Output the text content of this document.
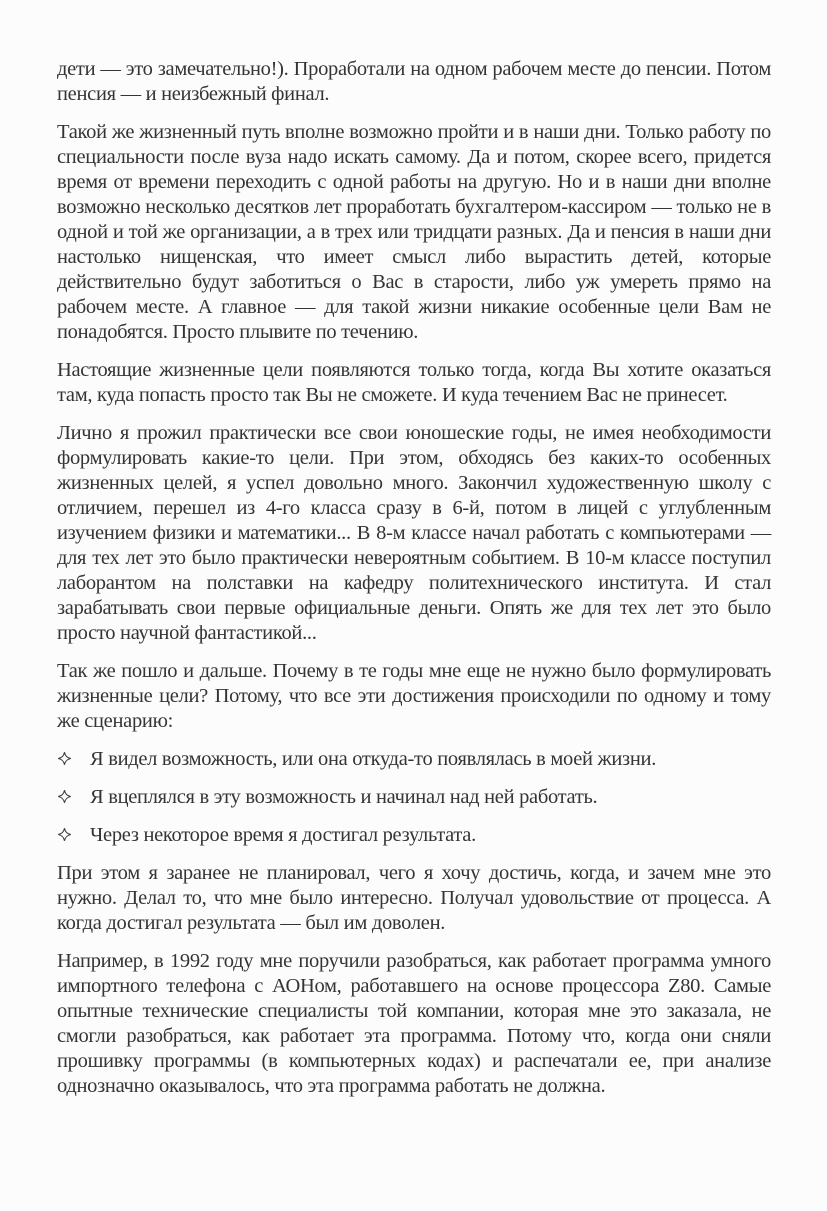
дети — это замечательно!). Проработали на одном рабочем месте до пенсии. Потом пенсия — и неизбежный финал.

Такой же жизненный путь вполне возможно пройти и в наши дни. Только работу по специальности после вуза надо искать самому. Да и потом, скорее всего, придется время от времени переходить с одной работы на другую. Но и в наши дни вполне возможно несколько десятков лет проработать бухгалтером-кассиром — только не в одной и той же организации, а в трех или тридцати разных. Да и пенсия в наши дни настолько нищенская, что имеет смысл либо вырастить детей, которые действительно будут заботиться о Вас в старости, либо уж умереть прямо на рабочем месте. А главное — для такой жизни никакие особенные цели Вам не понадобятся. Просто плывите по течению.

Настоящие жизненные цели появляются только тогда, когда Вы хотите оказаться там, куда попасть просто так Вы не сможете. И куда течением Вас не принесет.

Лично я прожил практически все свои юношеские годы, не имея необходимости формулировать какие-то цели. При этом, обходясь без каких-то особенных жизненных целей, я успел довольно много. Закончил художественную школу с отличием, перешел из 4-го класса сразу в 6-й, потом в лицей с углубленным изучением физики и математики... В 8-м классе начал работать с компьютерами — для тех лет это было практически невероятным событием. В 10-м классе поступил лаборантом на полставки на кафедру политехнического института. И стал зарабатывать свои первые официальные деньги. Опять же для тех лет это было просто научной фантастикой...

Так же пошло и дальше. Почему в те годы мне еще не нужно было формулировать жизненные цели? Потому, что все эти достижения происходили по одному и тому же сценарию:

Я видел возможность, или она откуда-то появлялась в моей жизни.
Я вцеплялся в эту возможность и начинал над ней работать.
Через некоторое время я достигал результата.

При этом я заранее не планировал, чего я хочу достичь, когда, и зачем мне это нужно. Делал то, что мне было интересно. Получал удовольствие от процесса. А когда достигал результата — был им доволен.

Например, в 1992 году мне поручили разобраться, как работает программа умного импортного телефона с АОНом, работавшего на основе процессора Z80. Самые опытные технические специалисты той компании, которая мне это заказала, не смогли разобраться, как работает эта программа. Потому что, когда они сняли прошивку программы (в компьютерных кодах) и распечатали ее, при анализе однозначно оказывалось, что эта программа работать не должна.
